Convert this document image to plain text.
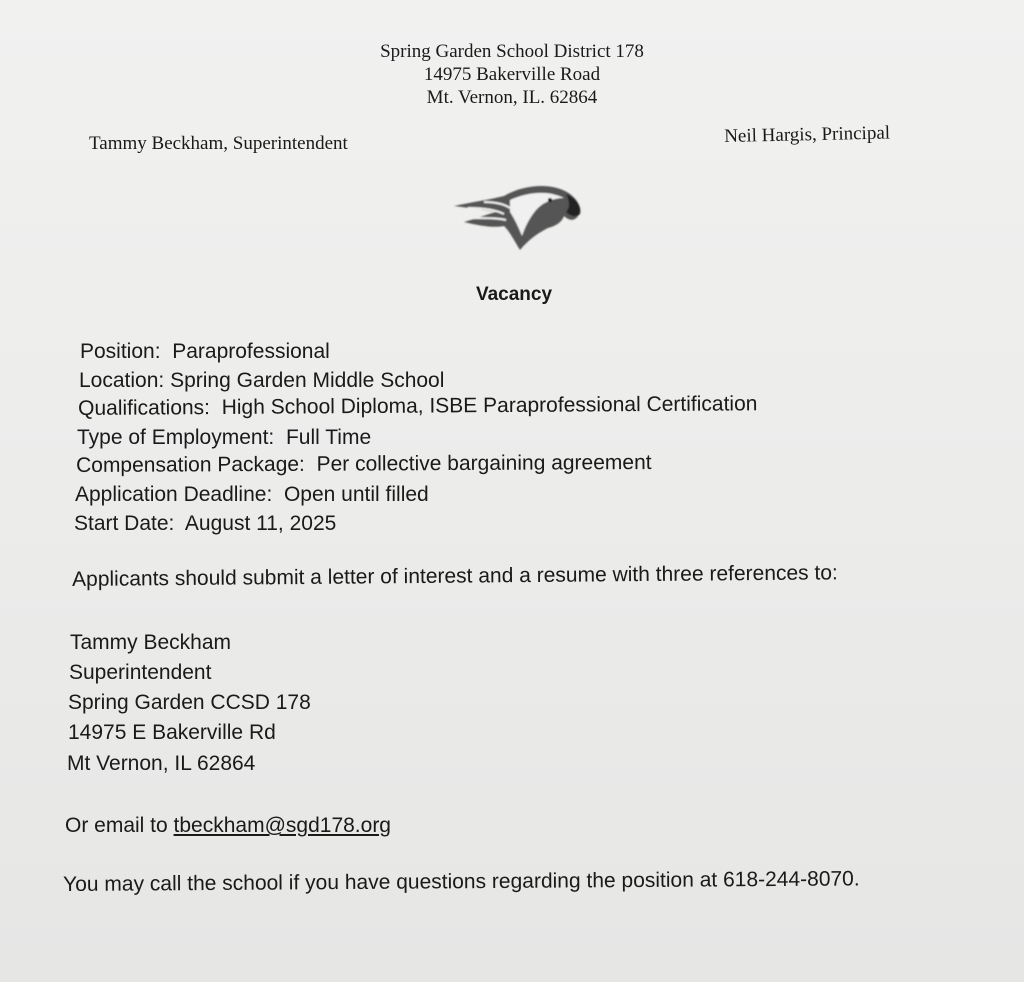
Spring Garden School District 178
14975 Bakerville Road
Mt. Vernon, IL. 62864
Tammy Beckham, Superintendent	Neil Hargis, Principal
Vacancy
Position: Paraprofessional
Location: Spring Garden Middle School
Qualifications: High School Diploma, ISBE Paraprofessional Certification
Type of Employment: Full Time
Compensation Package: Per collective bargaining agreement
Application Deadline: Open until filled
Start Date: August 11, 2025
Applicants should submit a letter of interest and a resume with three references to:
Tammy Beckham
Superintendent
Spring Garden CCSD 178
14975 E Bakerville Rd
Mt Vernon, IL 62864
Or email to tbeckham@sgd178.org
You may call the school if you have questions regarding the position at 618-244-8070.
